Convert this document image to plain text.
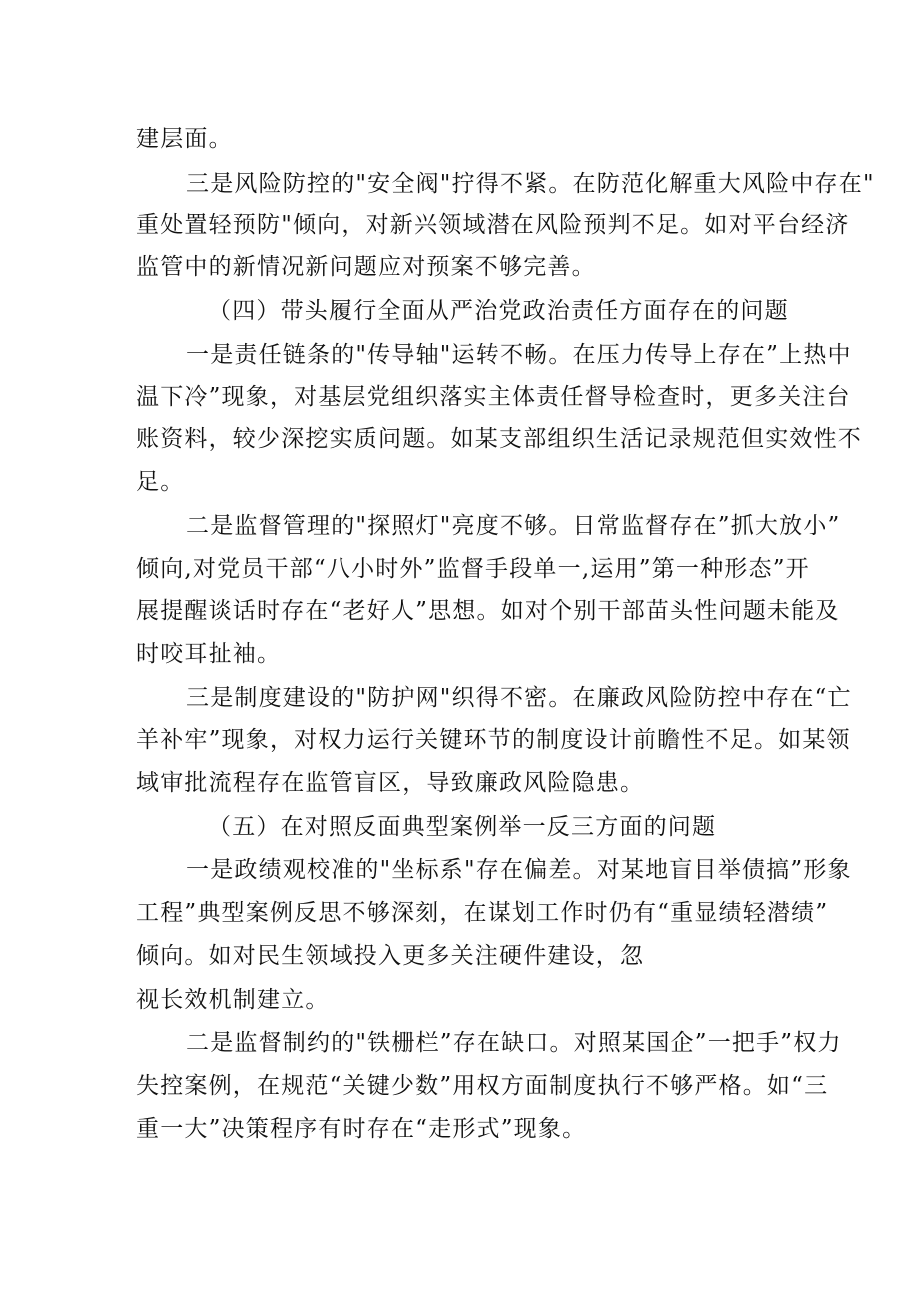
建层面。
三是风险防控的"安全阀"拧得不紧。在防范化解重大风险中存在"
重处置轻预防"倾向，对新兴领域潜在风险预判不足。如对平台经济
监管中的新情况新问题应对预案不够完善。
（四）带头履行全面从严治党政治责任方面存在的问题
一是责任链条的"传导轴"运转不畅。在压力传导上存在”上热中
温下冷”现象，对基层党组织落实主体责任督导检查时，更多关注台
账资料，较少深挖实质问题。如某支部组织生活记录规范但实效性不
足。
二是监督管理的"探照灯"亮度不够。日常监督存在”抓大放小”
倾向,对党员干部“八小时外”监督手段单一,运用”第一种形态”开
展提醒谈话时存在“老好人”思想。如对个别干部苗头性问题未能及
时咬耳扯袖。
三是制度建设的"防护网"织得不密。在廉政风险防控中存在“亡
羊补牢”现象，对权力运行关键环节的制度设计前瞻性不足。如某领
域审批流程存在监管盲区，导致廉政风险隐患。
（五）在对照反面典型案例举一反三方面的问题
一是政绩观校准的"坐标系"存在偏差。对某地盲目举债搞”形象
工程”典型案例反思不够深刻，在谋划工作时仍有“重显绩轻潜绩”
倾向。如对民生领域投入更多关注硬件建设，忽
视长效机制建立。
二是监督制约的"铁栅栏”存在缺口。对照某国企”一把手”权力
失控案例，在规范“关键少数”用权方面制度执行不够严格。如“三
重一大”决策程序有时存在“走形式”现象。
